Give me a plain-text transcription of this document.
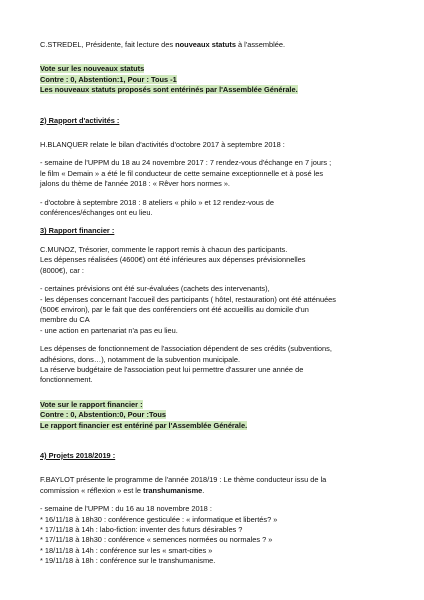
C.STREDEL, Présidente, fait lecture des nouveaux statuts à l'assemblée.

Vote sur les nouveaux statuts
Contre : 0, Abstention:1, Pour : Tous -1
Les nouveaux statuts proposés sont entérinés par l'Assemblée Générale.

2) Rapport d'activités :

H.BLANQUER relate le bilan d'activités d'octobre 2017 à septembre 2018 :

- semaine de l'UPPM du 18 au 24 novembre 2017 : 7 rendez-vous d'échange en 7 jours ;
le film « Demain » a été le fil conducteur de cette semaine exceptionnelle et à posé les
jalons du thème de l'année 2018 : « Rêver hors normes ».
- d'octobre à septembre 2018 : 8 ateliers « philo » et 12 rendez-vous de
conférences/échanges ont eu lieu.

3) Rapport financier :

C.MUNOZ, Trésorier, commente le rapport remis à chacun des participants.
Les dépenses réalisées (4600€) ont été inférieures aux dépenses prévisionnelles
(8000€), car :
- certaines prévisions ont été sur-évaluées (cachets des intervenants),
- les dépenses concernant l'accueil des participants ( hôtel, restauration) ont été atténuées
(500€ environ), par le fait que des conférenciers ont été accueillis au domicile d'un
membre du CA
- une action en partenariat n'a pas eu lieu.
Les dépenses de fonctionnement de l'association dépendent de ses crédits (subventions,
adhésions, dons…), notamment de la subvention municipale.
La réserve budgétaire de l'association peut lui permettre d'assurer une année de
fonctionnement.
Vote sur le rapport financier :
Contre : 0, Abstention:0, Pour :Tous
Le rapport financier est entériné par l'Assemblée Générale.

4) Projets 2018/2019 :

F.BAYLOT présente le programme de l'année 2018/19 : Le thème conducteur issu de la
commission « réflexion » est le transhumanisme.
- semaine de l'UPPM : du 16 au 18 novembre 2018 :
* 16/11/18 à 18h30 : conférence gesticulée : « informatique et libertés? »
* 17/11/18 à 14h : labo-fiction: inventer des futurs désirables ?
* 17/11/18 à 18h30 : conférence « semences normées ou normales ? »
* 18/11/18 à 14h : conférence sur les « smart-cities »
* 19/11/18 à 18h : conférence sur le transhumanisme.
